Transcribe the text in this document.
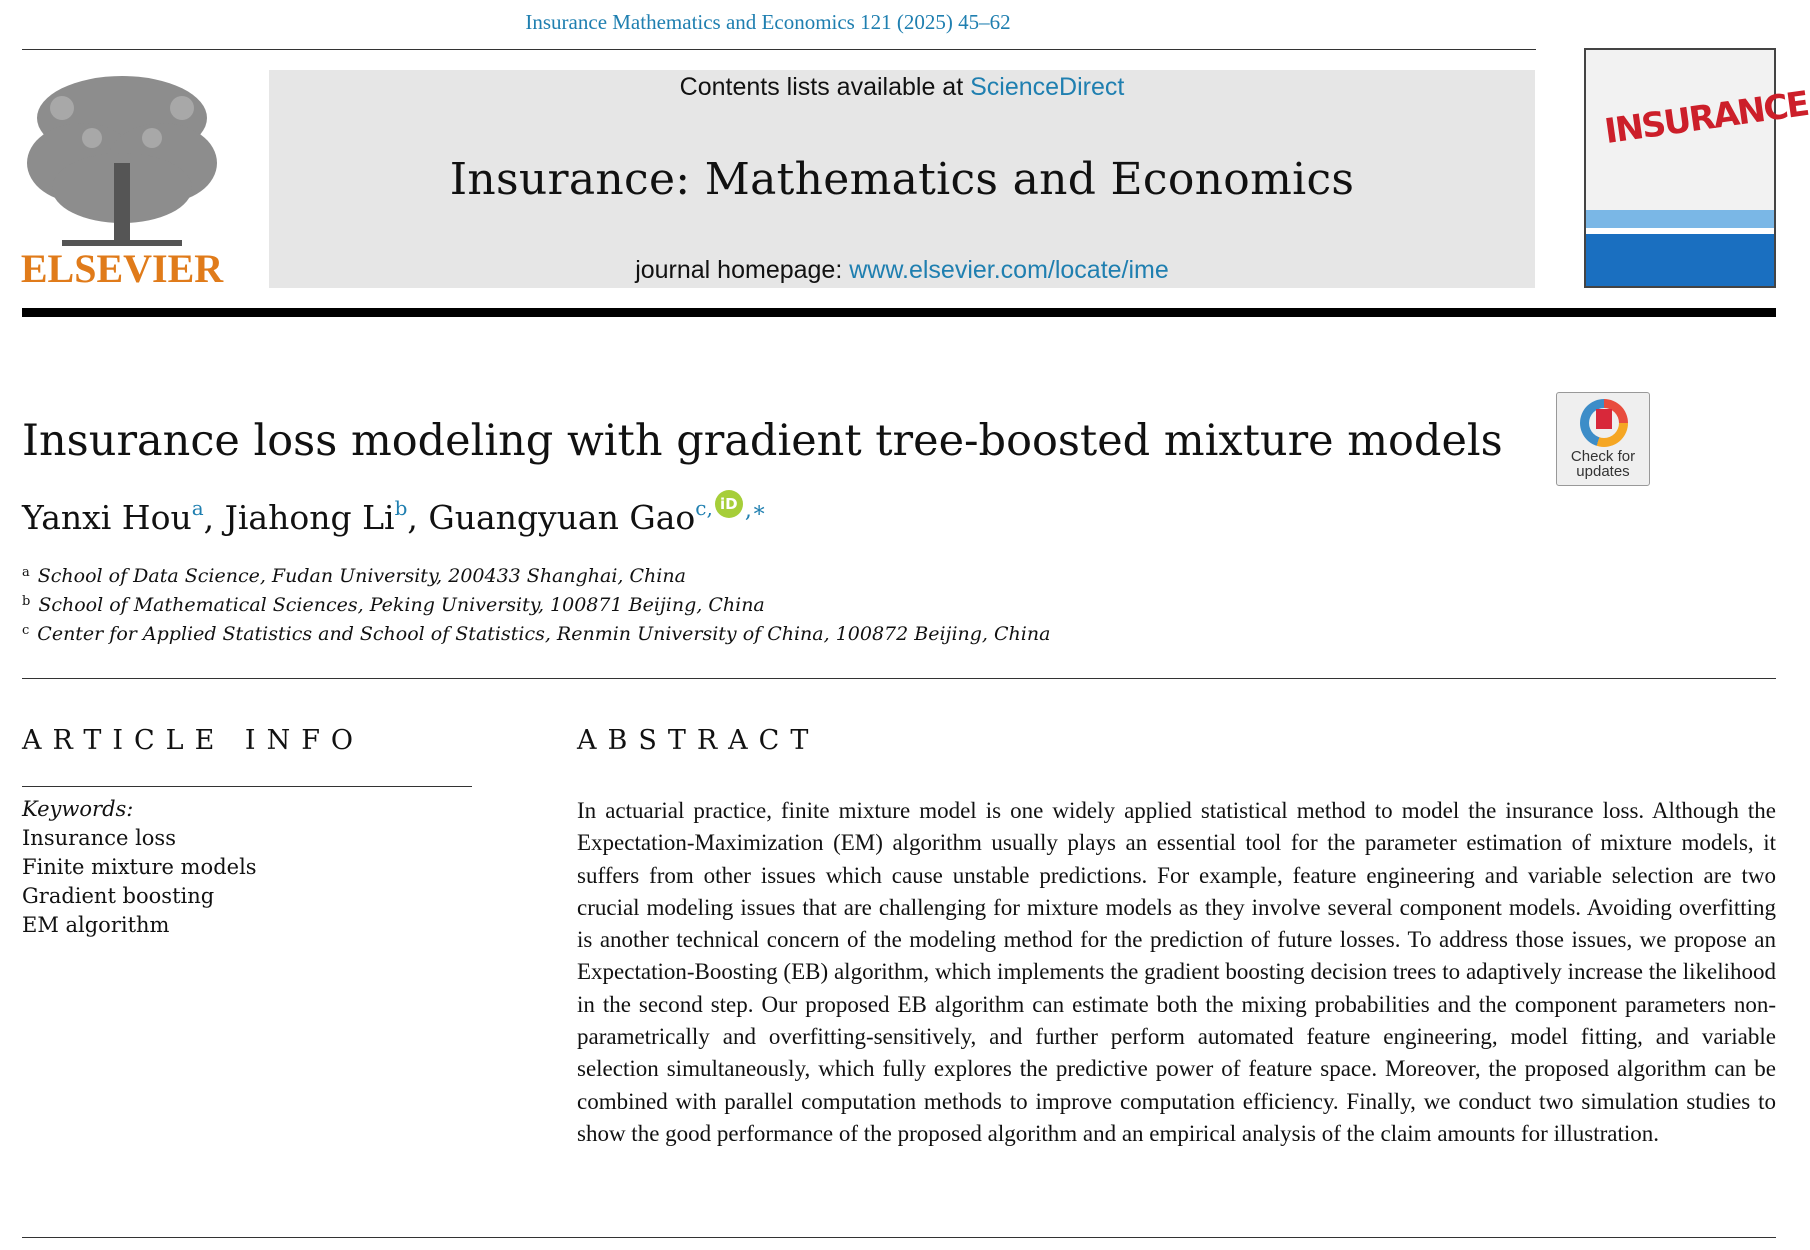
Insurance Mathematics and Economics 121 (2025) 45–62
ELSEVIER
Contents lists available at ScienceDirect
Insurance: Mathematics and Economics
journal homepage: www.elsevier.com/locate/ime
INSURANCE
Insurance loss modeling with gradient tree-boosted mixture models
Yanxi Hou$^a$, Jiahong Li$^b$, Guangyuan Gao$^{c,}$ iD ,∗
Check for
updates
$^a$ School of Data Science, Fudan University, 200433 Shanghai, China
$^b$ School of Mathematical Sciences, Peking University, 100871 Beijing, China
$^c$ Center for Applied Statistics and School of Statistics, Renmin University of China, 100872 Beijing, China
ARTICLE INFO	ABSTRACT
Keywords:
Insurance loss
Finite mixture models
Gradient boosting
EM algorithm
In actuarial practice, finite mixture model is one widely applied statistical method to model the insurance loss. Although the Expectation-Maximization (EM) algorithm usually plays an essential tool for the parameter estimation of mixture models, it suffers from other issues which cause unstable predictions. For example, feature engineering and variable selection are two crucial modeling issues that are challenging for mixture models as they involve several component models. Avoiding overfitting is another technical concern of the modeling method for the prediction of future losses. To address those issues, we propose an Expectation-Boosting (EB) algorithm, which implements the gradient boosting decision trees to adaptively increase the likelihood in the second step. Our proposed EB algorithm can estimate both the mixing probabilities and the component parameters non-parametrically and overfitting-sensitively, and further perform automated feature engineering, model fitting, and variable selection simultaneously, which fully explores the predictive power of feature space. Moreover, the proposed algorithm can be combined with parallel computation methods to improve computation efficiency. Finally, we conduct two simulation studies to show the good performance of the proposed algorithm and an empirical analysis of the claim amounts for illustration.
